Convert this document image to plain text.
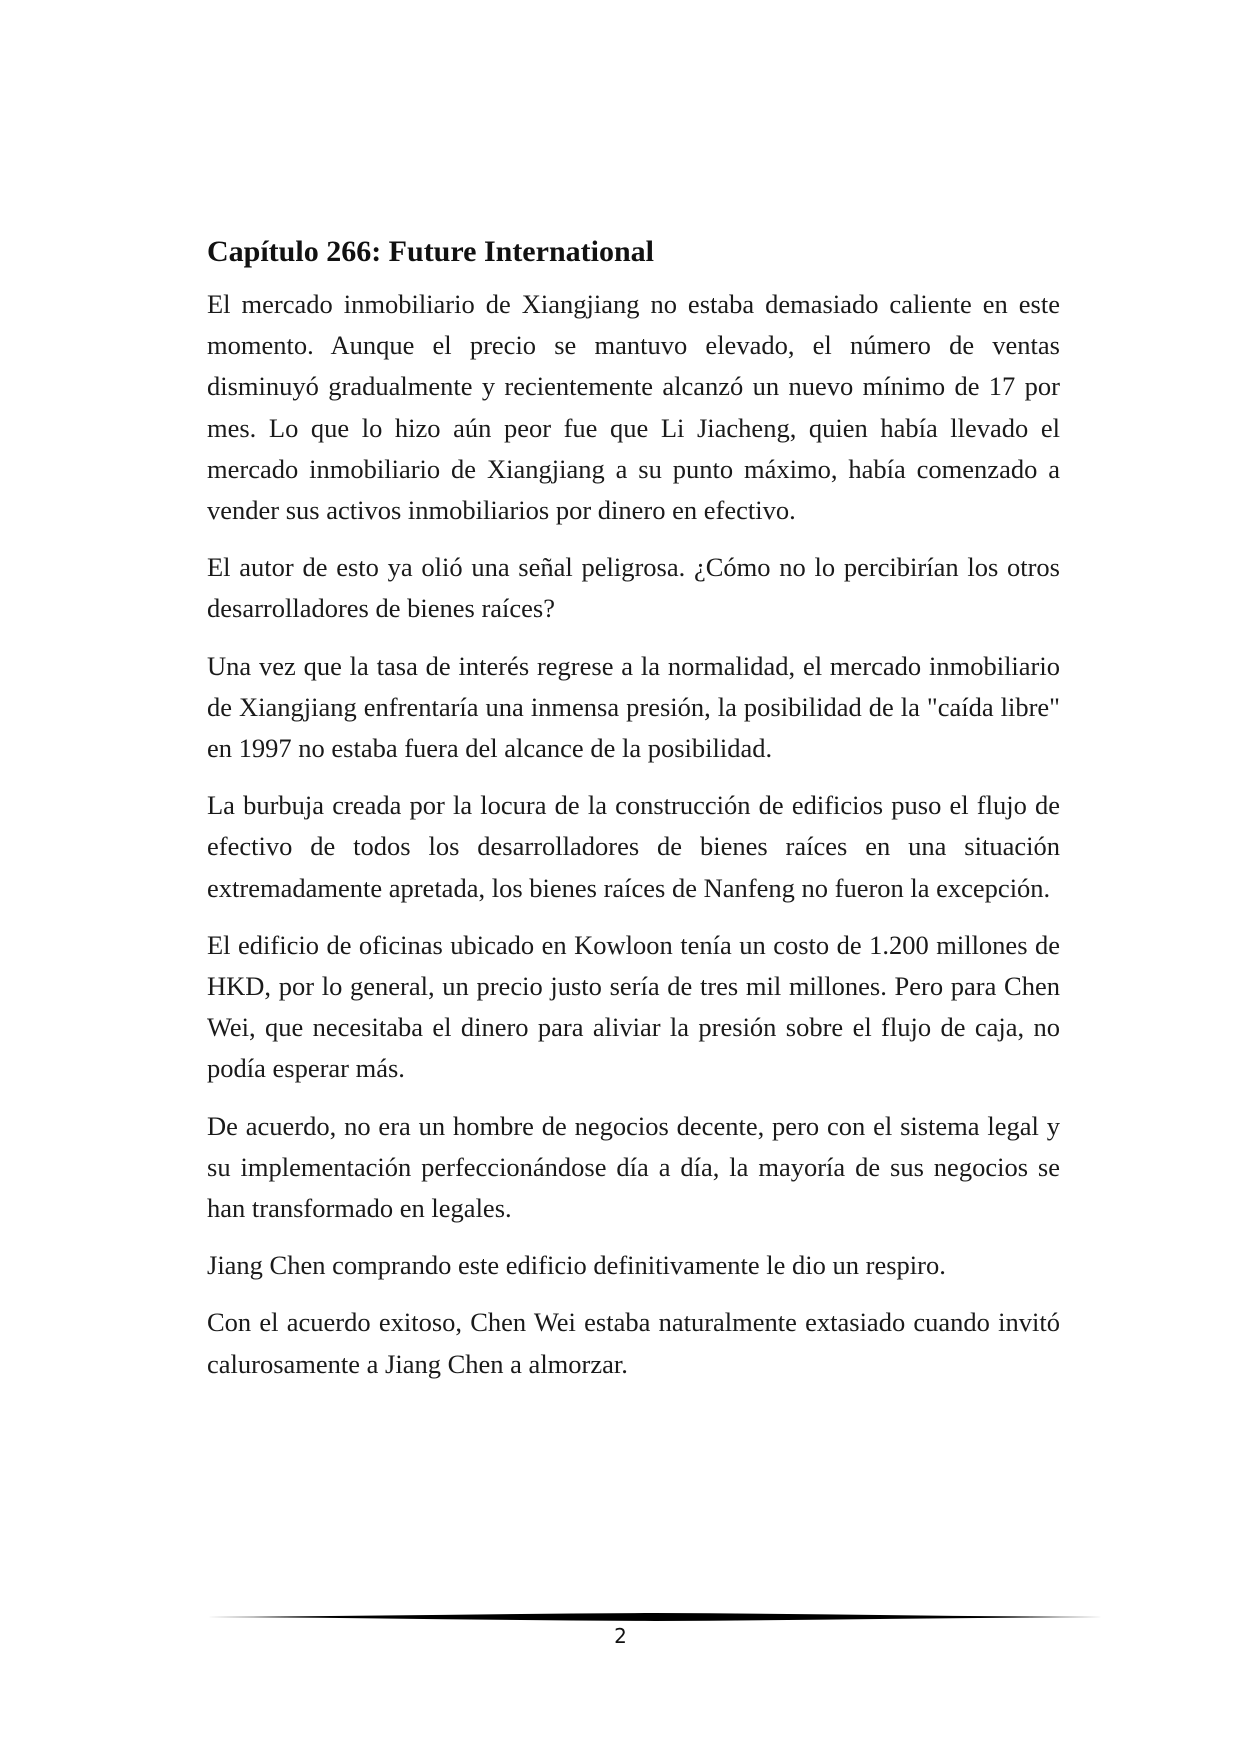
Capítulo 266: Future International

El mercado inmobiliario de Xiangjiang no estaba demasiado caliente en este momento. Aunque el precio se mantuvo elevado, el número de ventas disminuyó gradualmente y recientemente alcanzó un nuevo mínimo de 17 por mes. Lo que lo hizo aún peor fue que Li Jiacheng, quien había llevado el mercado inmobiliario de Xiangjiang a su punto máximo, había comenzado a vender sus activos inmobiliarios por dinero en efectivo.

El autor de esto ya olió una señal peligrosa. ¿Cómo no lo percibirían los otros desarrolladores de bienes raíces?

Una vez que la tasa de interés regrese a la normalidad, el mercado inmobiliario de Xiangjiang enfrentaría una inmensa presión, la posibilidad de la "caída libre" en 1997 no estaba fuera del alcance de la posibilidad.

La burbuja creada por la locura de la construcción de edificios puso el flujo de efectivo de todos los desarrolladores de bienes raíces en una situación extremadamente apretada, los bienes raíces de Nanfeng no fueron la excepción.

El edificio de oficinas ubicado en Kowloon tenía un costo de 1.200 millones de HKD, por lo general, un precio justo sería de tres mil millones. Pero para Chen Wei, que necesitaba el dinero para aliviar la presión sobre el flujo de caja, no podía esperar más.

De acuerdo, no era un hombre de negocios decente, pero con el sistema legal y su implementación perfeccionándose día a día, la mayoría de sus negocios se han transformado en legales.

Jiang Chen comprando este edificio definitivamente le dio un respiro.

Con el acuerdo exitoso, Chen Wei estaba naturalmente extasiado cuando invitó calurosamente a Jiang Chen a almorzar.

2
